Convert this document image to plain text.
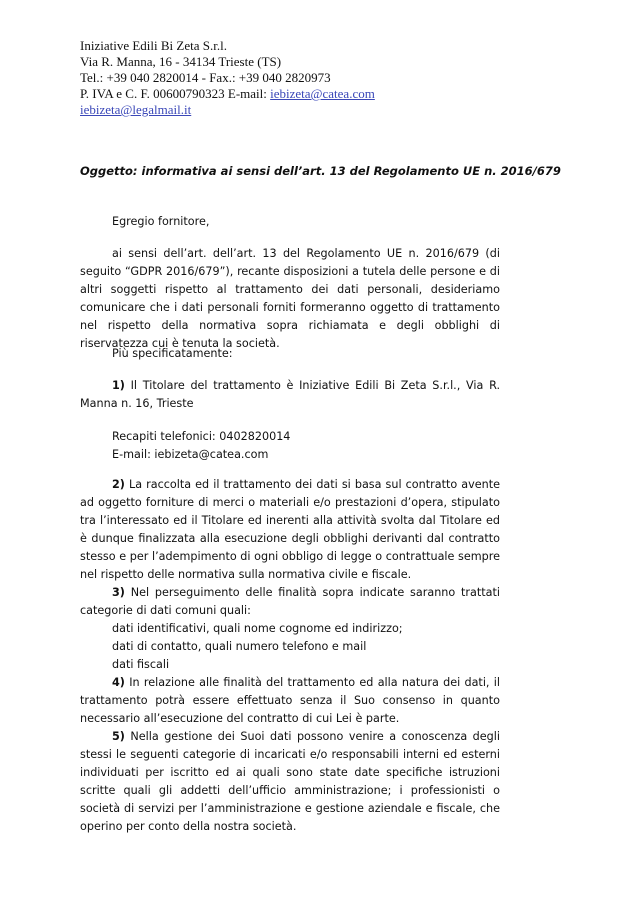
Iniziative Edili Bi Zeta S.r.l.
Via R. Manna, 16 - 34134 Trieste (TS)
Tel.: +39 040 2820014 - Fax.: +39 040 2820973
P. IVA e C. F. 00600790323 E-mail: iebizeta@catea.com
iebizeta@legalmail.it
Oggetto: informativa ai sensi dell’art. 13 del Regolamento UE n. 2016/679

Egregio fornitore,

ai sensi dell’art. dell’art. 13 del Regolamento UE n. 2016/679 (di seguito “GDPR 2016/679”), recante disposizioni a tutela delle persone e di altri soggetti rispetto al trattamento dei dati personali, desideriamo comunicare che i dati personali forniti formeranno oggetto di trattamento nel rispetto della normativa sopra richiamata e degli obblighi di riservatezza cui è tenuta la società.

Più specificatamente:

1) Il Titolare del trattamento è Iniziative Edili Bi Zeta S.r.l., Via R. Manna n. 16, Trieste

Recapiti telefonici: 0402820014

E-mail: iebizeta@catea.com

2) La raccolta ed il trattamento dei dati si basa sul contratto avente ad oggetto forniture di merci o materiali e/o prestazioni d’opera, stipulato tra l’interessato ed il Titolare ed inerenti alla attività svolta dal Titolare ed è dunque finalizzata alla esecuzione degli obblighi derivanti dal contratto stesso e per l’adempimento di ogni obbligo di legge o contrattuale sempre nel rispetto delle normativa sulla normativa civile e fiscale.

3) Nel perseguimento delle finalità sopra indicate saranno trattati categorie di dati comuni quali:

dati identificativi, quali nome cognome ed indirizzo;

dati di contatto, quali numero telefono e mail

dati fiscali

4) In relazione alle finalità del trattamento ed alla natura dei dati, il trattamento potrà essere effettuato senza il Suo consenso in quanto necessario all’esecuzione del contratto di cui Lei è parte.

5) Nella gestione dei Suoi dati possono venire a conoscenza degli stessi le seguenti categorie di incaricati e/o responsabili interni ed esterni individuati per iscritto ed ai quali sono state date specifiche istruzioni scritte quali gli addetti dell’ufficio amministrazione; i professionisti o società di servizi per l’amministrazione e gestione aziendale e fiscale, che operino per conto della nostra società.
